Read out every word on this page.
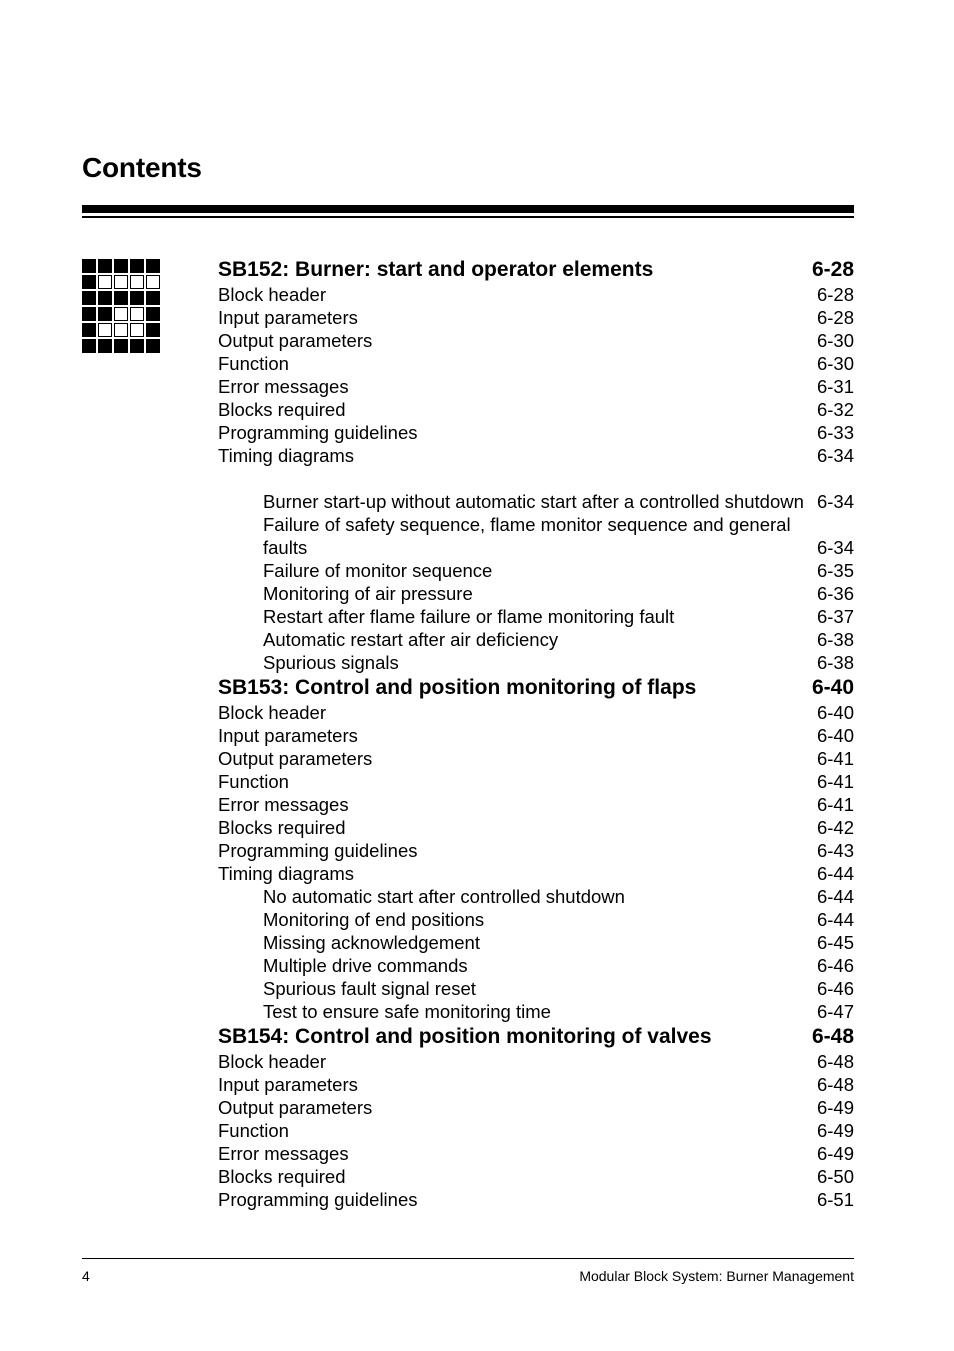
Contents
SB152: Burner: start and operator elements	6-28
Block header	6-28
Input parameters	6-28
Output parameters	6-30
Function	6-30
Error messages	6-31
Blocks required	6-32
Programming guidelines	6-33
Timing diagrams	6-34
Burner start-up without automatic start after a controlled shutdown 6-34
Failure of safety sequence, flame monitor sequence and general faults	6-34
Failure of monitor sequence	6-35
Monitoring of air pressure	6-36
Restart after flame failure or flame monitoring fault	6-37
Automatic restart after air deficiency	6-38
Spurious signals	6-38
SB153: Control and position monitoring of flaps	6-40
Block header	6-40
Input parameters	6-40
Output parameters	6-41
Function	6-41
Error messages	6-41
Blocks required	6-42
Programming guidelines	6-43
Timing diagrams	6-44
No automatic start after controlled shutdown	6-44
Monitoring of end positions	6-44
Missing acknowledgement	6-45
Multiple drive commands	6-46
Spurious fault signal reset	6-46
Test to ensure safe monitoring time	6-47
SB154: Control and position monitoring of valves	6-48
Block header	6-48
Input parameters	6-48
Output parameters	6-49
Function	6-49
Error messages	6-49
Blocks required	6-50
Programming guidelines	6-51
4	Modular Block System: Burner Management
